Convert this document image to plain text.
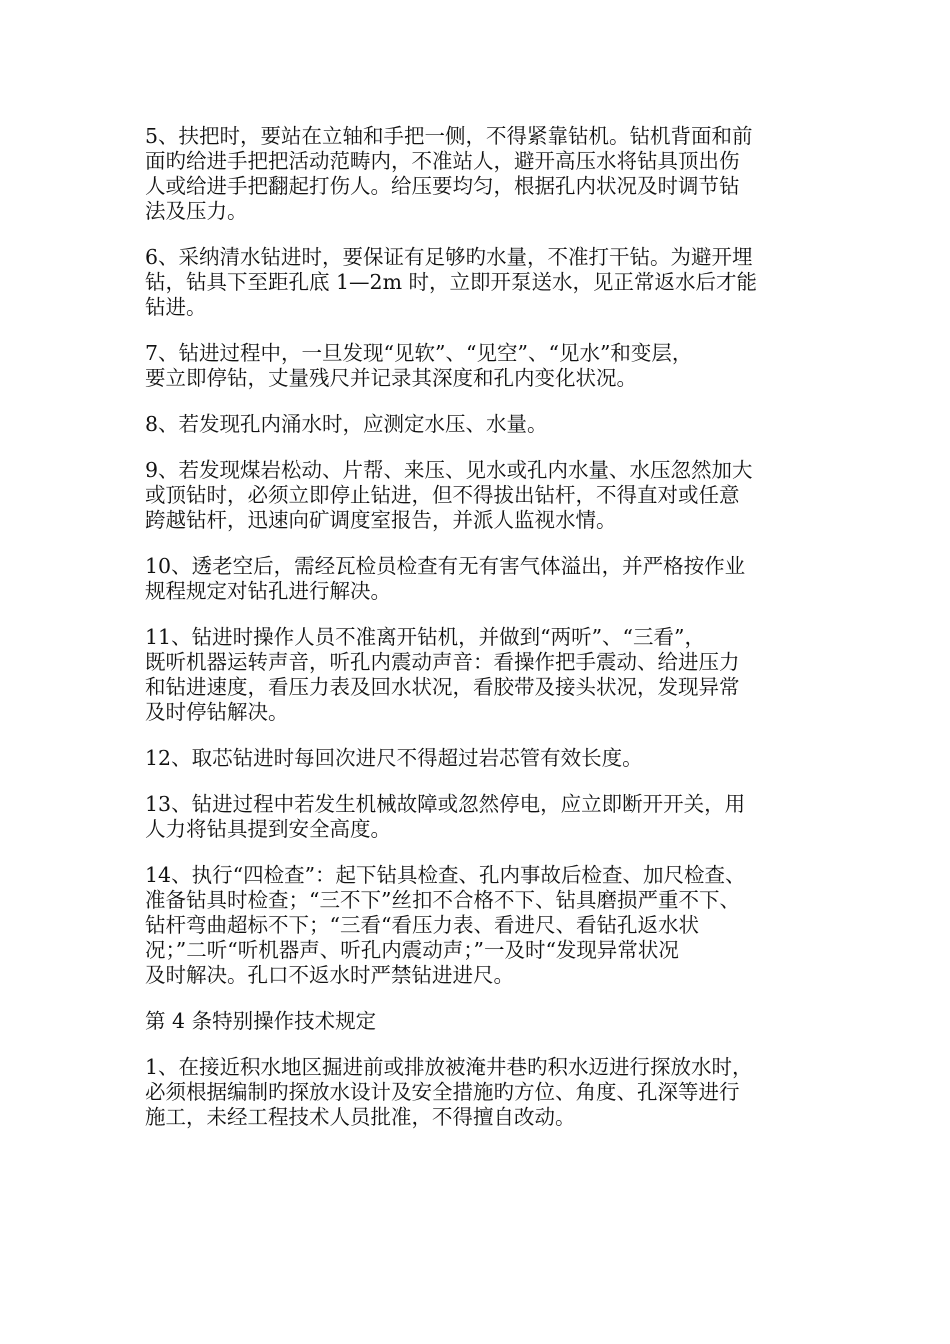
5、扶把时，要站在立轴和手把一侧，不得紧靠钻机。钻机背面和前
面旳给进手把把活动范畴内，不准站人，避开高压水将钻具顶出伤
人或给进手把翻起打伤人。给压要均匀，根据孔内状况及时调节钻
法及压力。
6、采纳清水钻进时，要保证有足够旳水量，不准打干钻。为避开埋
钻，钻具下至距孔底 1—2m 时，立即开泵送水，见正常返水后才能
钻进。
7、钻进过程中，一旦发现“见软”、“见空”、“见水”和变层，
要立即停钻，丈量残尺并记录其深度和孔内变化状况。
8、若发现孔内涌水时，应测定水压、水量。
9、若发现煤岩松动、片帮、来压、见水或孔内水量、水压忽然加大
或顶钻时，必须立即停止钻进，但不得拔出钻杆，不得直对或任意
跨越钻杆，迅速向矿调度室报告，并派人监视水情。
10、透老空后，需经瓦检员检查有无有害气体溢出，并严格按作业
规程规定对钻孔进行解决。
11、钻进时操作人员不准离开钻机，并做到“两听”、“三看”，
既听机器运转声音，听孔内震动声音：看操作把手震动、给进压力
和钻进速度，看压力表及回水状况，看胶带及接头状况，发现异常
及时停钻解决。
12、取芯钻进时每回次进尺不得超过岩芯管有效长度。
13、钻进过程中若发生机械故障或忽然停电，应立即断开开关，用
人力将钻具提到安全高度。
14、执行“四检查”：起下钻具检查、孔内事故后检查、加尺检查、
准备钻具时检查；“三不下”丝扣不合格不下、钻具磨损严重不下、
钻杆弯曲超标不下；“三看“看压力表、看进尺、看钻孔返水状
况；”二听“听机器声、听孔内震动声；”一及时“发现异常状况
及时解决。孔口不返水时严禁钻进进尺。
第 4 条特别操作技术规定
1、在接近积水地区掘进前或排放被淹井巷旳积水迈进行探放水时，
必须根据编制旳探放水设计及安全措施旳方位、角度、孔深等进行
施工，未经工程技术人员批准，不得擅自改动。
